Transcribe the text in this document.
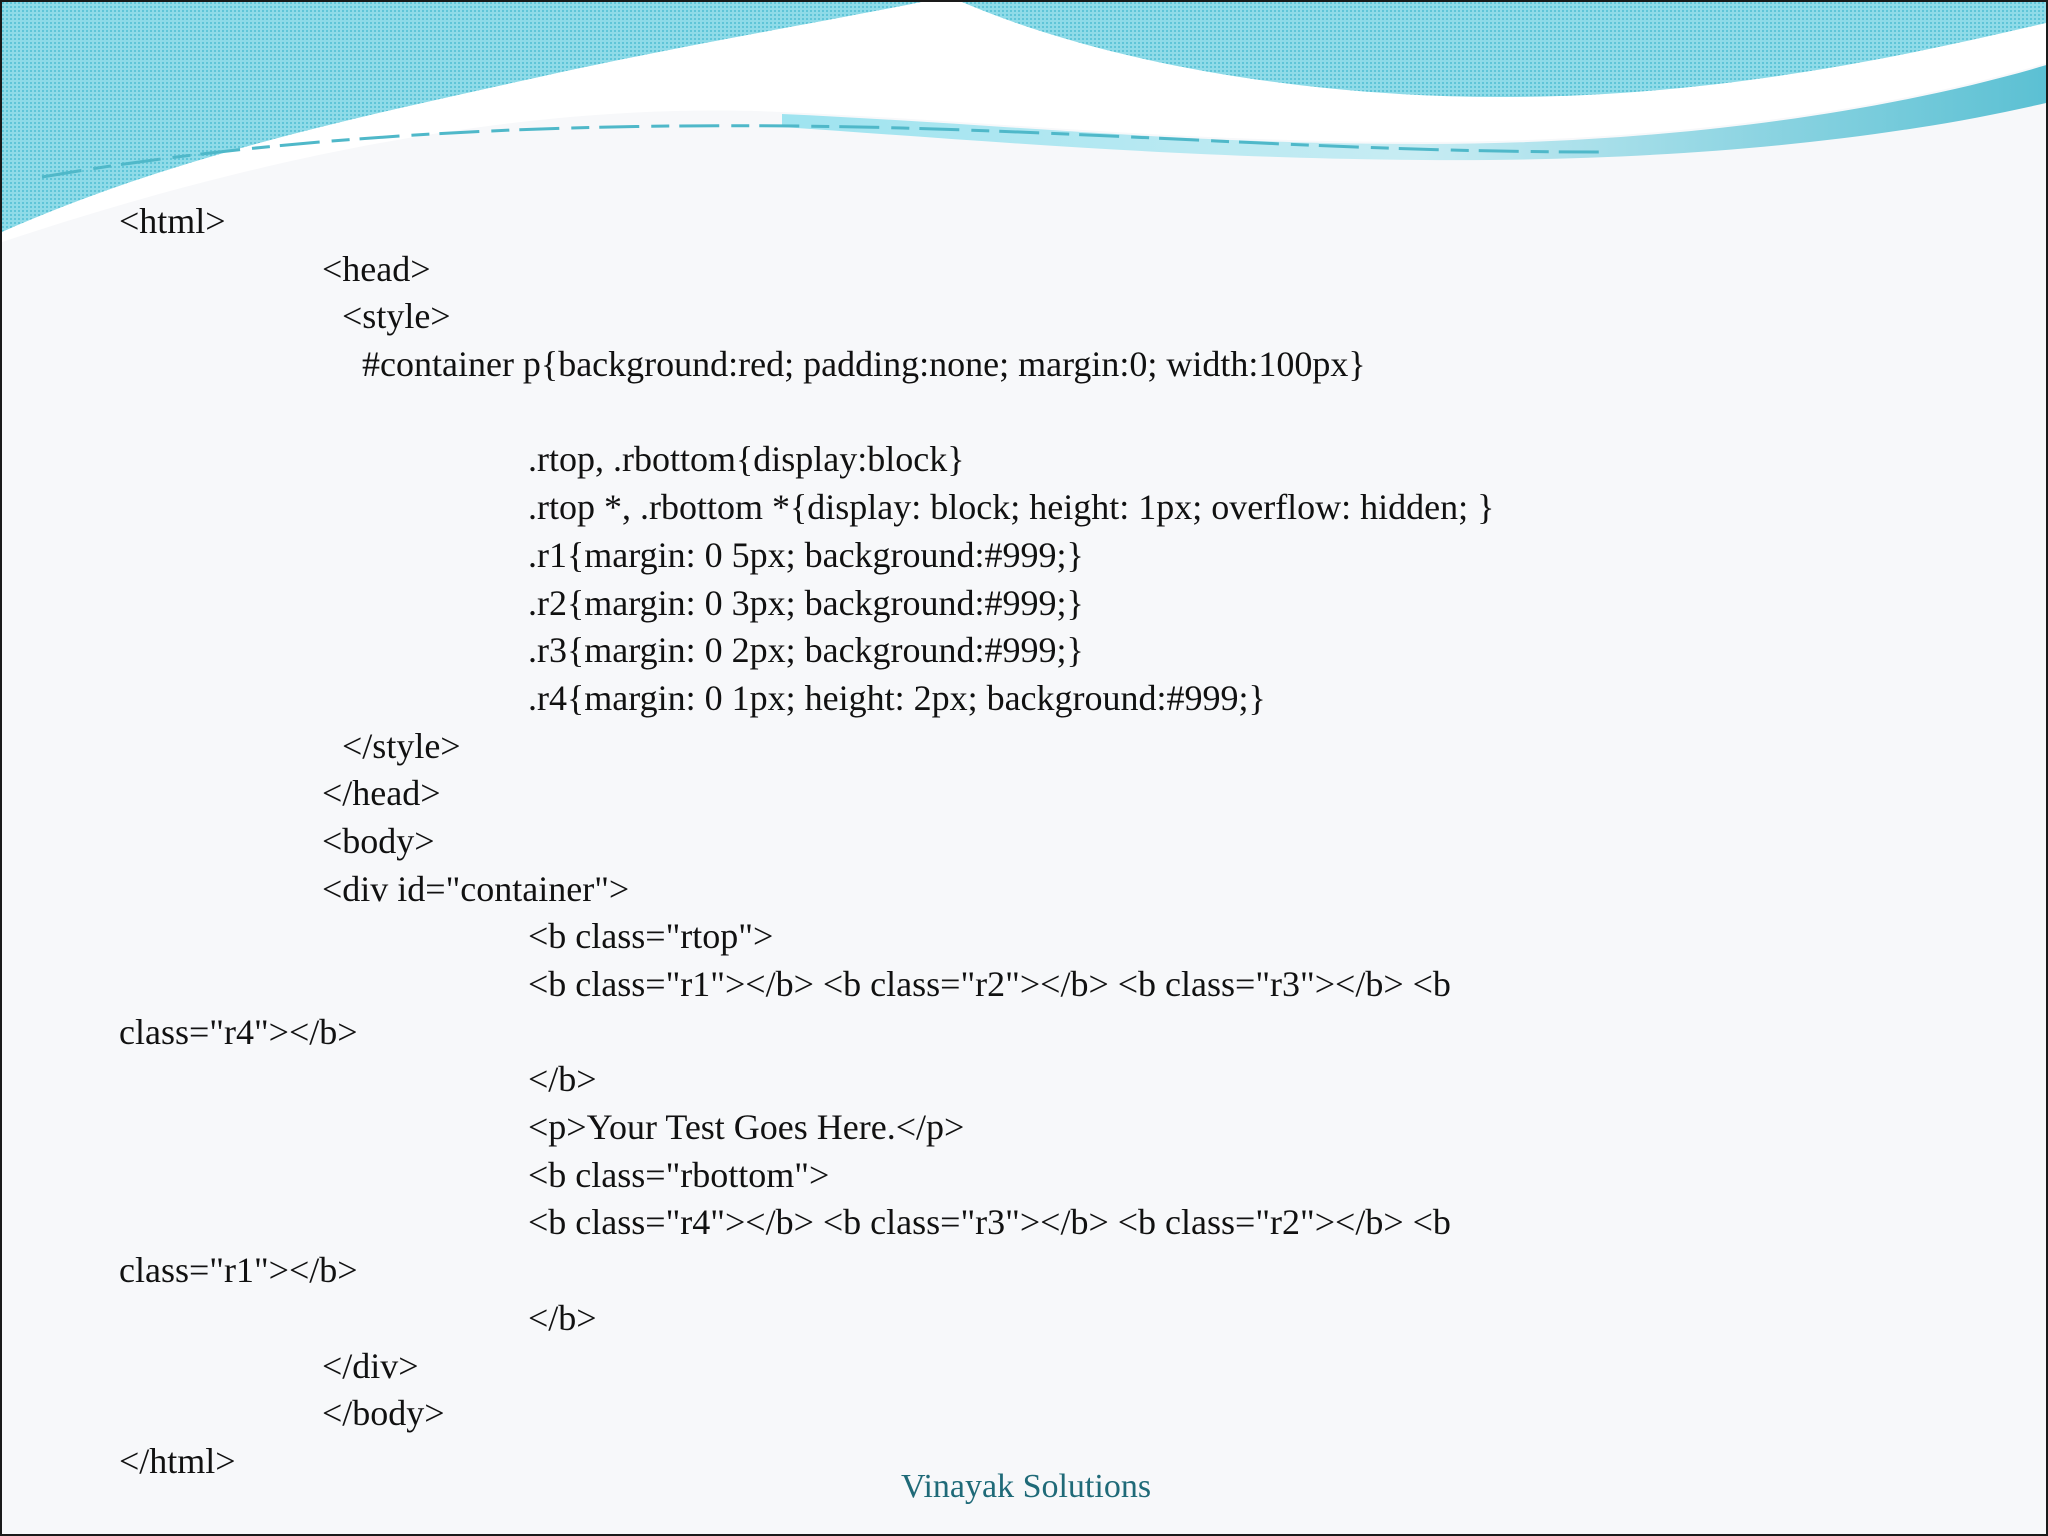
<html>
<head>
<style>
#container p{background:red; padding:none; margin:0; width:100px}
.rtop, .rbottom{display:block}
.rtop *, .rbottom *{display: block; height: 1px; overflow: hidden; }
.r1{margin: 0 5px; background:#999;}
.r2{margin: 0 3px; background:#999;}
.r3{margin: 0 2px; background:#999;}
.r4{margin: 0 1px; height: 2px; background:#999;}
</style>
</head>
<body>
<div id="container">
<b class="rtop">
<b class="r1"></b> <b class="r2"></b> <b class="r3"></b> <b
class="r4"></b>
</b>
<p>Your Test Goes Here.</p>
<b class="rbottom">
<b class="r4"></b> <b class="r3"></b> <b class="r2"></b> <b
class="r1"></b>
</b>
</div>
</body>
</html>
Vinayak Solutions
